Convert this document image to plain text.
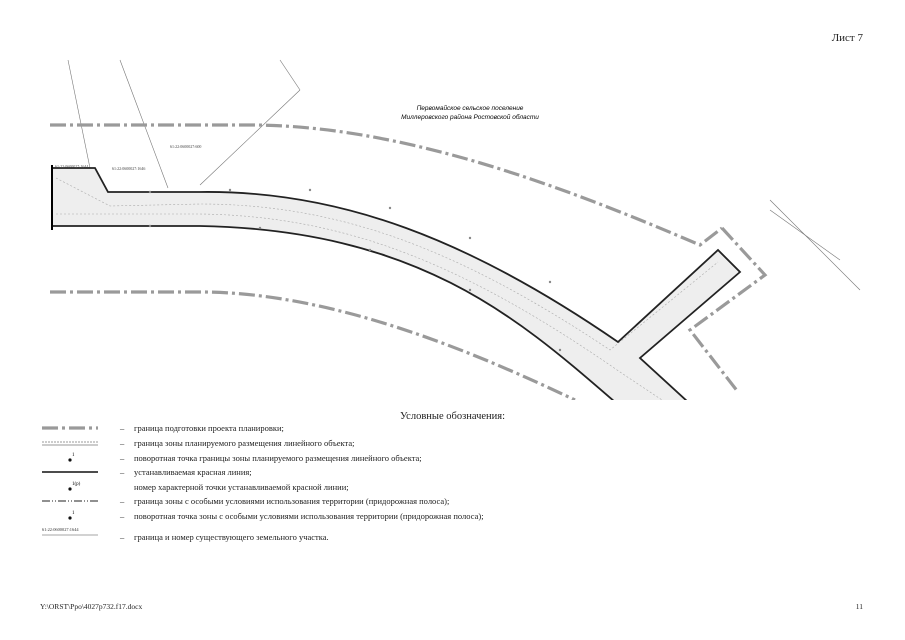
Лист 7
Первомайское сельское поселение
Миллеровского района Ростовской области
61:22:0600027:1644	61:22:0600027:1646
61:22:0600027:600
Условные обозначения:
– граница подготовки проекта планировки;
– граница зоны планируемого размещения линейного объекта;
1	– поворотная точка границы зоны планируемого размещения линейного объекта;
– устанавливаемая красная линия;
1(р)	номер характерной точки устанавливаемой красной линии;
– граница зоны с особыми условиями использования территории (придорожная полоса);
1	– поворотная точка зоны с особыми условиями использования территории (придорожная полоса);
61:22:0600027:1644
– граница и номер существующего земельного участка.
Y:\ORST\Ppo\4027p732.f17.docx	11
